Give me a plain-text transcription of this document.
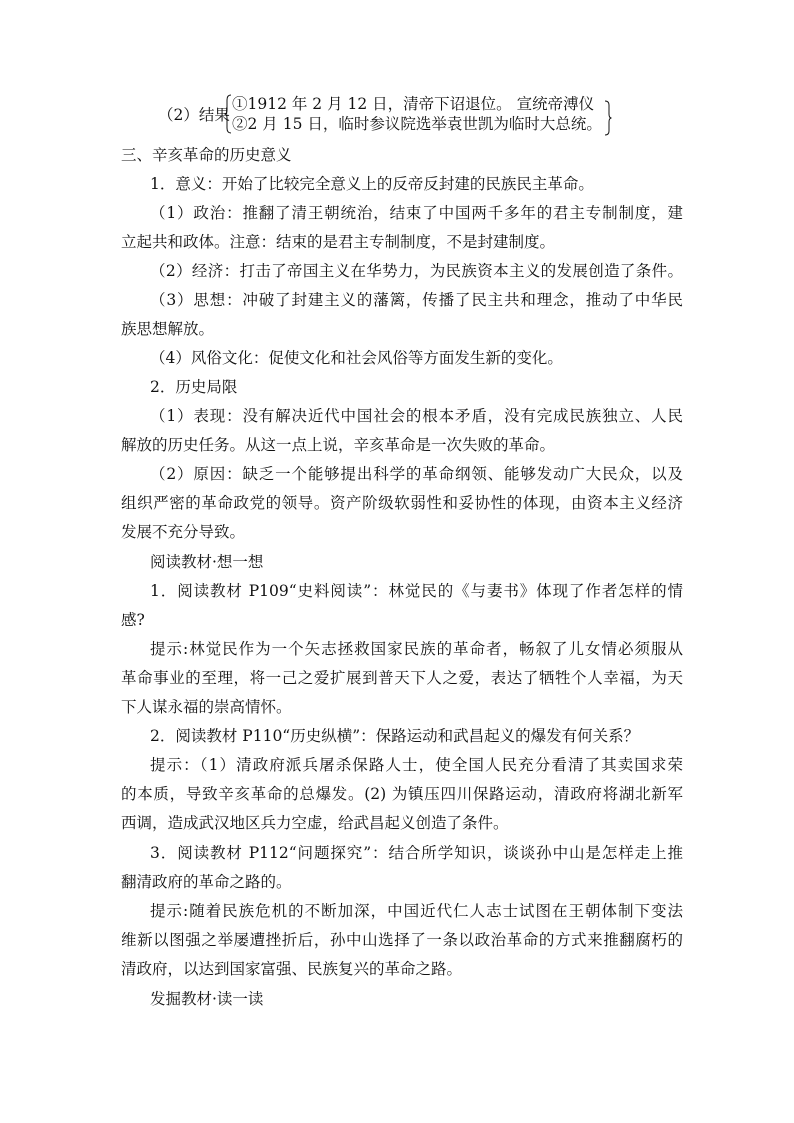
（2）结果
①1912 年 2 月 12 日，清帝下诏退位。 宣统帝溥仪
②2 月 15 日，临时参议院选举袁世凯为临时大总统。
三、辛亥革命的历史意义
1．意义：开始了比较完全意义上的反帝反封建的民族民主革命。
（1）政治：推翻了清王朝统治，结束了中国两千多年的君主专制制度，建
立起共和政体。注意：结束的是君主专制制度，不是封建制度。
（2）经济：打击了帝国主义在华势力，为民族资本主义的发展创造了条件。
（3）思想：冲破了封建主义的藩篱，传播了民主共和理念，推动了中华民
族思想解放。
（4）风俗文化：促使文化和社会风俗等方面发生新的变化。
2．历史局限
（1）表现：没有解决近代中国社会的根本矛盾，没有完成民族独立、人民
解放的历史任务。从这一点上说，辛亥革命是一次失败的革命。
（2）原因：缺乏一个能够提出科学的革命纲领、能够发动广大民众，以及
组织严密的革命政党的领导。资产阶级软弱性和妥协性的体现，由资本主义经济
发展不充分导致。
阅读教材·想一想
1．阅读教材 P109“史料阅读”：林觉民的《与妻书》体现了作者怎样的情
感?
提示:林觉民作为一个矢志拯救国家民族的革命者，畅叙了儿女情必须服从
革命事业的至理，将一己之爱扩展到普天下人之爱，表达了牺牲个人幸福，为天
下人谋永福的崇高情怀。
2．阅读教材 P110“历史纵横”：保路运动和武昌起义的爆发有何关系？
提示：（1）清政府派兵屠杀保路人士，使全国人民充分看清了其卖国求荣
的本质，导致辛亥革命的总爆发。(2) 为镇压四川保路运动，清政府将湖北新军
西调，造成武汉地区兵力空虚，给武昌起义创造了条件。
3．阅读教材 P112“问题探究”：结合所学知识，谈谈孙中山是怎样走上推
翻清政府的革命之路的。
提示:随着民族危机的不断加深，中国近代仁人志士试图在王朝体制下变法
维新以图强之举屡遭挫折后，孙中山选择了一条以政治革命的方式来推翻腐朽的
清政府，以达到国家富强、民族复兴的革命之路。
发掘教材·读一读
